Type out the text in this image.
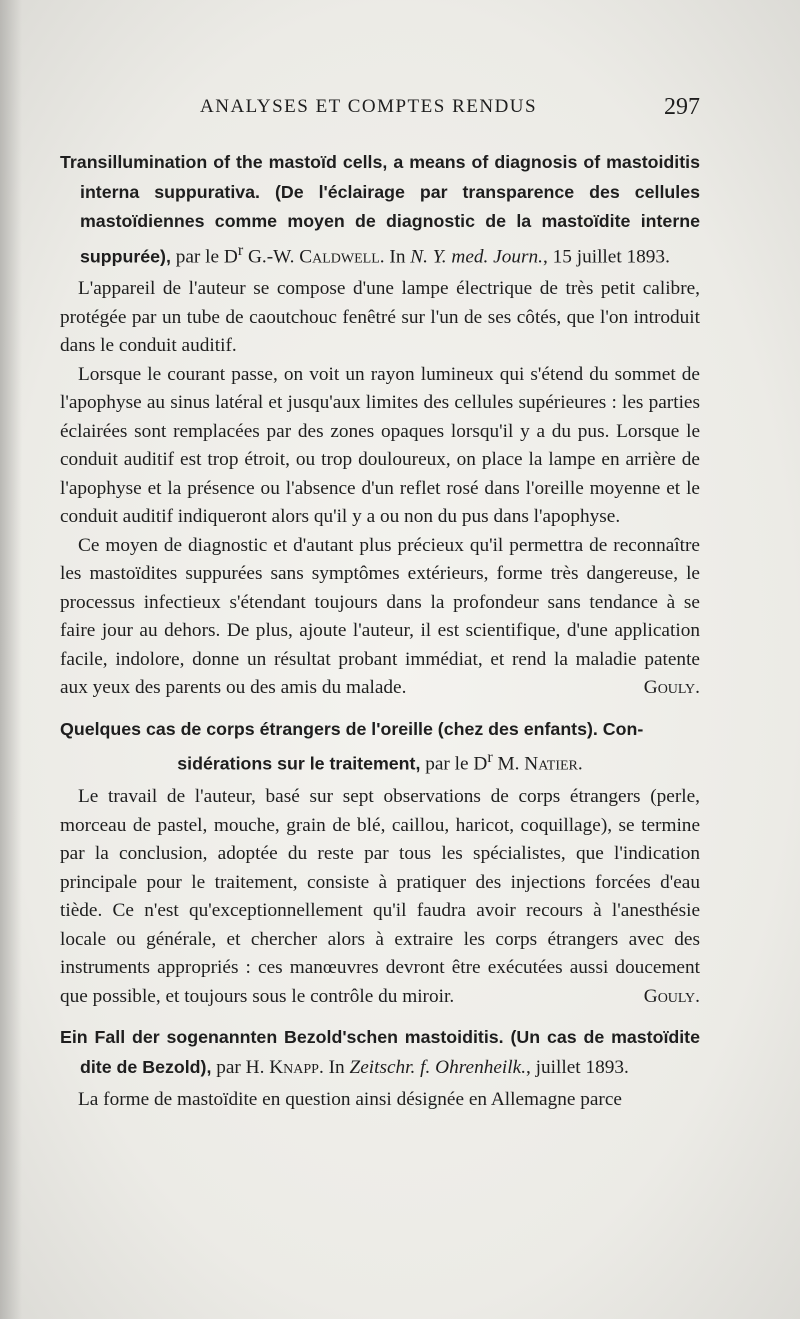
ANALYSES ET COMPTES RENDUS	297

Transillumination of the mastoïd cells, a means of diagnosis of mastoiditis interna suppurativa. (De l'éclairage par transparence des cellules mastoïdiennes comme moyen de diagnostic de la mastoïdite interne suppurée), par le $D^r$ G.-W. Caldwell. In N. Y. med. Journ., 15 juillet 1893.

L'appareil de l'auteur se compose d'une lampe électrique de très petit calibre, protégée par un tube de caoutchouc fenêtré sur l'un de ses côtés, que l'on introduit dans le conduit auditif.

Lorsque le courant passe, on voit un rayon lumineux qui s'étend du sommet de l'apophyse au sinus latéral et jusqu'aux limites des cellules supérieures : les parties éclairées sont remplacées par des zones opaques lorsqu'il y a du pus. Lorsque le conduit auditif est trop étroit, ou trop douloureux, on place la lampe en arrière de l'apophyse et la présence ou l'absence d'un reflet rosé dans l'oreille moyenne et le conduit auditif indiqueront alors qu'il y a ou non du pus dans l'apophyse.

Ce moyen de diagnostic et d'autant plus précieux qu'il permettra de reconnaître les mastoïdites suppurées sans symptômes extérieurs, forme très dangereuse, le processus infectieux s'étendant toujours dans la profondeur sans tendance à se faire jour au dehors. De plus, ajoute l'auteur, il est scientifique, d'une application facile, indolore, donne un résultat probant immédiat, et rend la maladie patente aux yeux des parents ou des amis du malade.	Gouly.

Quelques cas de corps étrangers de l'oreille (chez des enfants). Con-
sidérations sur le traitement, par le $D^r$ M. Natier.

Le travail de l'auteur, basé sur sept observations de corps étrangers (perle, morceau de pastel, mouche, grain de blé, caillou, haricot, coquillage), se termine par la conclusion, adoptée du reste par tous les spécialistes, que l'indication principale pour le traitement, consiste à pratiquer des injections forcées d'eau tiède. Ce n'est qu'exceptionnellement qu'il faudra avoir recours à l'anesthésie locale ou générale, et chercher alors à extraire les corps étrangers avec des instruments appropriés : ces manœuvres devront être exécutées aussi doucement que possible, et toujours sous le contrôle du miroir.	Gouly.

Ein Fall der sogenannten Bezold'schen mastoiditis. (Un cas de mastoïdite dite de Bezold), par H. Knapp. In Zeitschr. f. Ohrenheilk., juillet 1893.

La forme de mastoïdite en question ainsi désignée en Allemagne parce
